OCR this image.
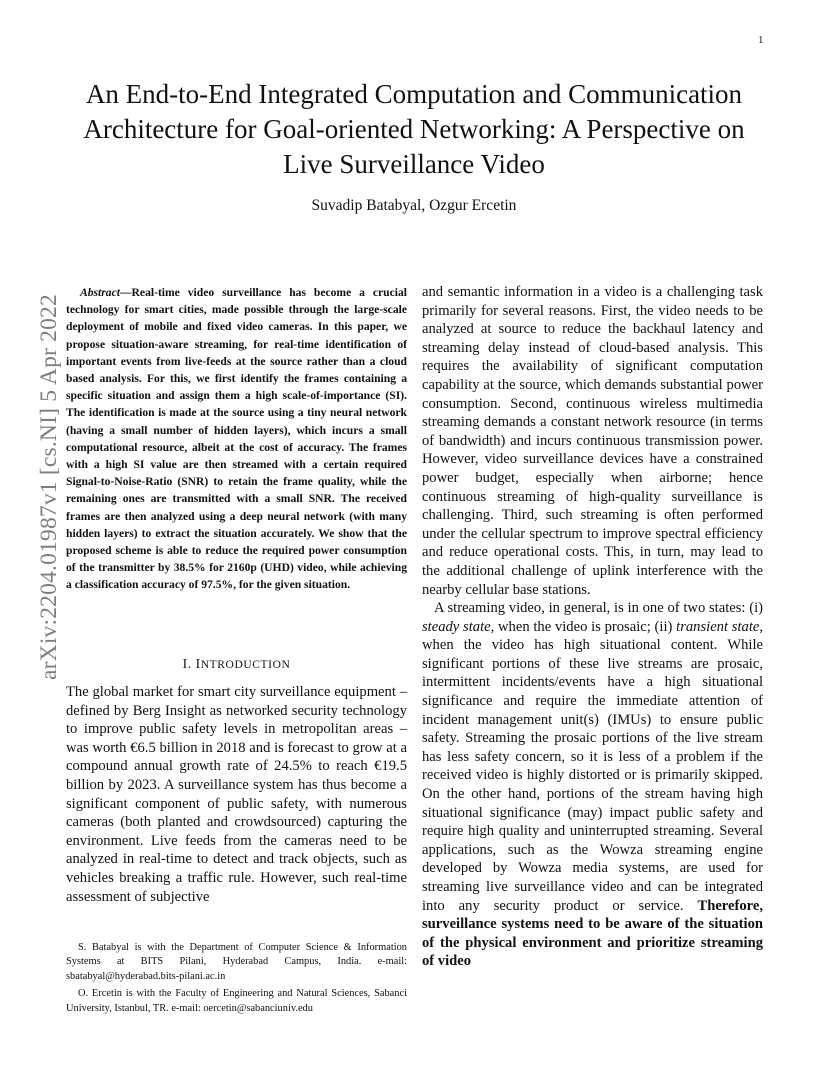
1
arXiv:2204.01987v1 [cs.NI] 5 Apr 2022
An End-to-End Integrated Computation and Communication Architecture for Goal-oriented Networking: A Perspective on Live Surveillance Video
Suvadip Batabyal, Ozgur Ercetin

Abstract—Real-time video surveillance has become a crucial technology for smart cities, made possible through the large-scale deployment of mobile and fixed video cameras. In this paper, we propose situation-aware streaming, for real-time identification of important events from live-feeds at the source rather than a cloud based analysis. For this, we first identify the frames containing a specific situation and assign them a high scale-of-importance (SI). The identification is made at the source using a tiny neural network (having a small number of hidden layers), which incurs a small computational resource, albeit at the cost of accuracy. The frames with a high SI value are then streamed with a certain required Signal-to-Noise-Ratio (SNR) to retain the frame quality, while the remaining ones are transmitted with a small SNR. The received frames are then analyzed using a deep neural network (with many hidden layers) to extract the situation accurately. We show that the proposed scheme is able to reduce the required power consumption of the transmitter by 38.5% for 2160p (UHD) video, while achieving a classification accuracy of 97.5%, for the given situation.

I. INTRODUCTION

The global market for smart city surveillance equipment – defined by Berg Insight as networked security technology to improve public safety levels in metropolitan areas – was worth €6.5 billion in 2018 and is forecast to grow at a compound annual growth rate of 24.5% to reach €19.5 billion by 2023. A surveillance system has thus become a significant component of public safety, with numerous cameras (both planted and crowdsourced) capturing the environment. Live feeds from the cameras need to be analyzed in real-time to detect and track objects, such as vehicles breaking a traffic rule. However, such real-time assessment of subjective

S. Batabyal is with the Department of Computer Science & Information Systems at BITS Pilani, Hyderabad Campus, India. e-mail: sbatabyal@hyderabad.bits-pilani.ac.in

O. Ercetin is with the Faculty of Engineering and Natural Sciences, Sabanci University, Istanbul, TR. e-mail: oercetin@sabanciuniv.edu

and semantic information in a video is a challenging task primarily for several reasons. First, the video needs to be analyzed at source to reduce the backhaul latency and streaming delay instead of cloud-based analysis. This requires the availability of significant computation capability at the source, which demands substantial power consumption. Second, continuous wireless multimedia streaming demands a constant network resource (in terms of bandwidth) and incurs continuous transmission power. However, video surveillance devices have a constrained power budget, especially when airborne; hence continuous streaming of high-quality surveillance is challenging. Third, such streaming is often performed under the cellular spectrum to improve spectral efficiency and reduce operational costs. This, in turn, may lead to the additional challenge of uplink interference with the nearby cellular base stations.

A streaming video, in general, is in one of two states: (i) steady state, when the video is prosaic; (ii) transient state, when the video has high situational content. While significant portions of these live streams are prosaic, intermittent incidents/events have a high situational significance and require the immediate attention of incident management unit(s) (IMUs) to ensure public safety. Streaming the prosaic portions of the live stream has less safety concern, so it is less of a problem if the received video is highly distorted or is primarily skipped. On the other hand, portions of the stream having high situational significance (may) impact public safety and require high quality and uninterrupted streaming. Several applications, such as the Wowza streaming engine developed by Wowza media systems, are used for streaming live surveillance video and can be integrated into any security product or service. Therefore, surveillance systems need to be aware of the situation of the physical environment and prioritize streaming of video
